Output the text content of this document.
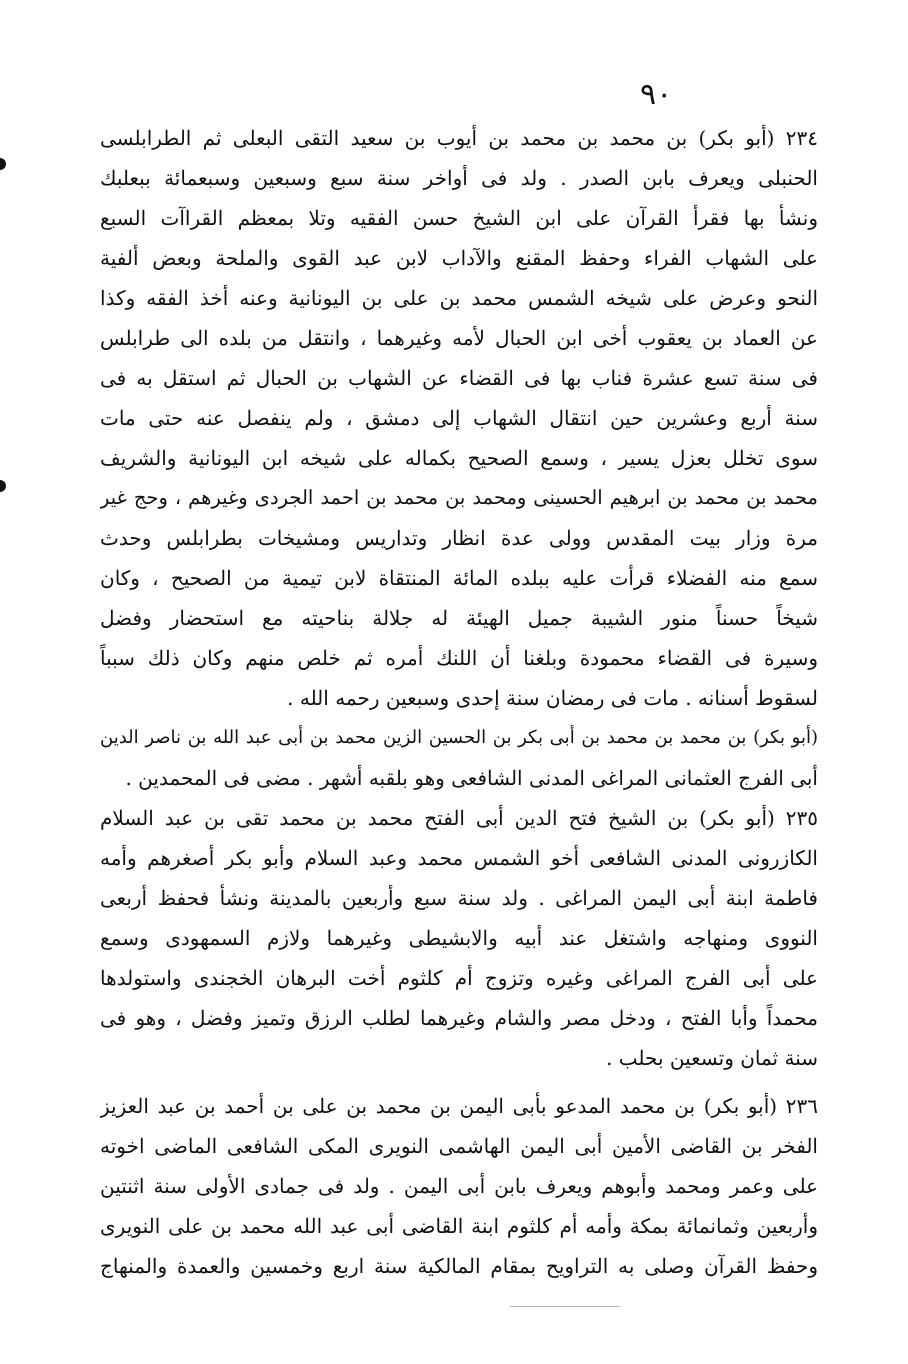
٩٠
٢٣٤ (أبو بكر) بن محمد بن محمد بن أيوب بن سعيد التقى البعلى ثم الطرابلسى
الحنبلى ويعرف بابن الصدر . ولد فى أواخر سنة سبع وسبعين وسبعمائة ببعلبك
ونشأ بها فقرأ القرآن على ابن الشيخ حسن الفقيه وتلا بمعظم القراآت السبع
على الشهاب الفراء وحفظ المقنع والآداب لابن عبد القوى والملحة وبعض ألفية
النحو وعرض على شيخه الشمس محمد بن على بن اليونانية وعنه أخذ الفقه وكذا
عن العماد بن يعقوب أخى ابن الحبال لأمه وغيرهما ، وانتقل من بلده الى طرابلس
فى سنة تسع عشرة فناب بها فى القضاء عن الشهاب بن الحبال ثم استقل به فى
سنة أربع وعشرين حين انتقال الشهاب إلى دمشق ، ولم ينفصل عنه حتى مات
سوى تخلل بعزل يسير ، وسمع الصحيح بكماله على شيخه ابن اليونانية والشريف
محمد بن محمد بن ابرهيم الحسينى ومحمد بن محمد بن احمد الجردى وغيرهم ، وحج غير
مرة وزار بيت المقدس وولى عدة انظار وتداريس ومشيخات بطرابلس وحدث
سمع منه الفضلاء قرأت عليه ببلده المائة المنتقاة لابن تيمية من الصحيح ، وكان
شيخاً حسناً منور الشيبة جميل الهيئة له جلالة بناحيته مع استحضار وفضل
وسيرة فى القضاء محمودة وبلغنا أن اللنك أمره ثم خلص منهم وكان ذلك سبباً
لسقوط أسنانه . مات فى رمضان سنة إحدى وسبعين رحمه الله .
(أبو بكر) بن محمد بن محمد بن أبى بكر بن الحسين الزين محمد بن أبى عبد الله بن ناصر الدين
أبى الفرج العثمانى المراغى المدنى الشافعى وهو بلقبه أشهر . مضى فى المحمدين .
٢٣٥ (أبو بكر) بن الشيخ فتح الدين أبى الفتح محمد بن محمد تقى بن عبد السلام
الكازرونى المدنى الشافعى أخو الشمس محمد وعبد السلام وأبو بكر أصغرهم وأمه
فاطمة ابنة أبى اليمن المراغى . ولد سنة سبع وأربعين بالمدينة ونشأ فحفظ أربعى
النووى ومنهاجه واشتغل عند أبيه والابشيطى وغيرهما ولازم السمهودى وسمع
على أبى الفرج المراغى وغيره وتزوج أم كلثوم أخت البرهان الخجندى واستولدها
محمداً وأبا الفتح ، ودخل مصر والشام وغيرهما لطلب الرزق وتميز وفضل ، وهو فى
سنة ثمان وتسعين بحلب .
٢٣٦ (أبو بكر) بن محمد المدعو بأبى اليمن بن محمد بن على بن أحمد بن عبد العزيز
الفخر بن القاضى الأمين أبى اليمن الهاشمى النويرى المكى الشافعى الماضى اخوته
على وعمر ومحمد وأبوهم ويعرف بابن أبى اليمن . ولد فى جمادى الأولى سنة اثنتين
وأربعين وثمانمائة بمكة وأمه أم كلثوم ابنة القاضى أبى عبد الله محمد بن على النويرى
وحفظ القرآن وصلى به التراويح بمقام المالكية سنة اربع وخمسين والعمدة والمنهاج
